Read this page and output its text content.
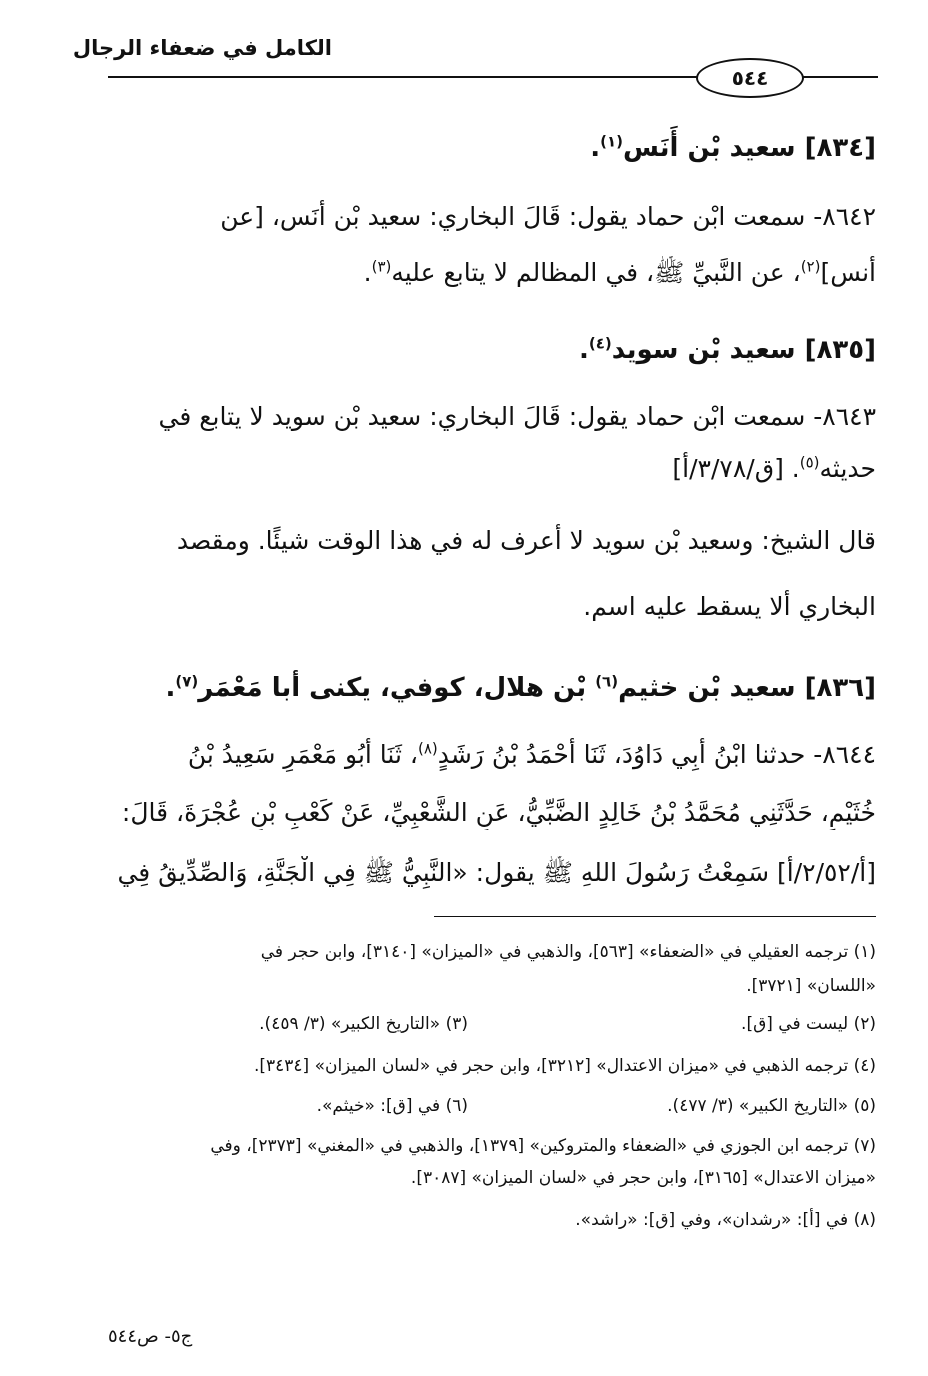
الكامل في ضعفاء الرجال
٥٤٤
[٨٣٤] سعيد بْن أَنَس$^{(١)}$.
٨٦٤٢- سمعت ابْن حماد يقول: قَالَ البخاري: سعيد بْن أَنَس، [عن
أَنس]$^{(٢)}$، عن النَّبيِّ ﷺ، في المظالم لا يتابع عليه$^{(٣)}$.
[٨٣٥] سعيد بْن سويد$^{(٤)}$.
٨٦٤٣- سمعت ابْن حماد يقول: قَالَ البخاري: سعيد بْن سويد لا يتابع في
حديثه$^{(٥)}$. [ق/٣/٧٨/أ]
قال الشيخ: وسعيد بْن سويد لا أعرف له في هذا الوقت شيئًا. ومقصد
البخاري ألا يسقط عليه اسم.
[٨٣٦] سعيد بْن خثيم$^{(٦)}$ بْن هلال، كوفي، يكنى أبا مَعْمَر$^{(٧)}$.
٨٦٤٤- حدثنا ابْنُ أَبِي دَاوُدَ، ثَنَا أَحْمَدُ بْنُ رَشَدٍ$^{(٨)}$، ثَنَا أَبُو مَعْمَرٍ سَعِيدُ بْنُ
خُثَيْمٍ، حَدَّثَنِي مُحَمَّدُ بْنُ خَالِدٍ الضَّبِّيُّ، عَنِ الشَّعْبِيِّ، عَنْ كَعْبِ بْنِ عُجْرَةَ، قَالَ:
[أ/٢/٥٢/أ] سَمِعْتُ رَسُولَ اللهِ ﷺ يقول: «النَّبِيُّ ﷺ فِي الْجَنَّةِ، وَالصِّدِّيقُ فِي
(١) ترجمه العقيلي في «الضعفاء» [٥٦٣]، والذهبي في «الميزان» [٣١٤٠]، وابن حجر في
«اللسان» [٣٧٢١].
(٢) ليست في [ق].
(٣) «التاريخ الكبير» (٣/ ٤٥٩).
(٤) ترجمه الذهبي في «ميزان الاعتدال» [٣٢١٢]، وابن حجر في «لسان الميزان» [٣٤٣٤].
(٥) «التاريخ الكبير» (٣/ ٤٧٧).
(٦) في [ق]: «خيثم».
(٧) ترجمه ابن الجوزي في «الضعفاء والمتروكين» [١٣٧٩]، والذهبي في «المغني» [٢٣٧٣]، وفي
«ميزان الاعتدال» [٣١٦٥]، وابن حجر في «لسان الميزان» [٣٠٨٧].
(٨) في [أ]: «رشدان»، وفي [ق]: «راشد».
ج٥- ص٥٤٤
